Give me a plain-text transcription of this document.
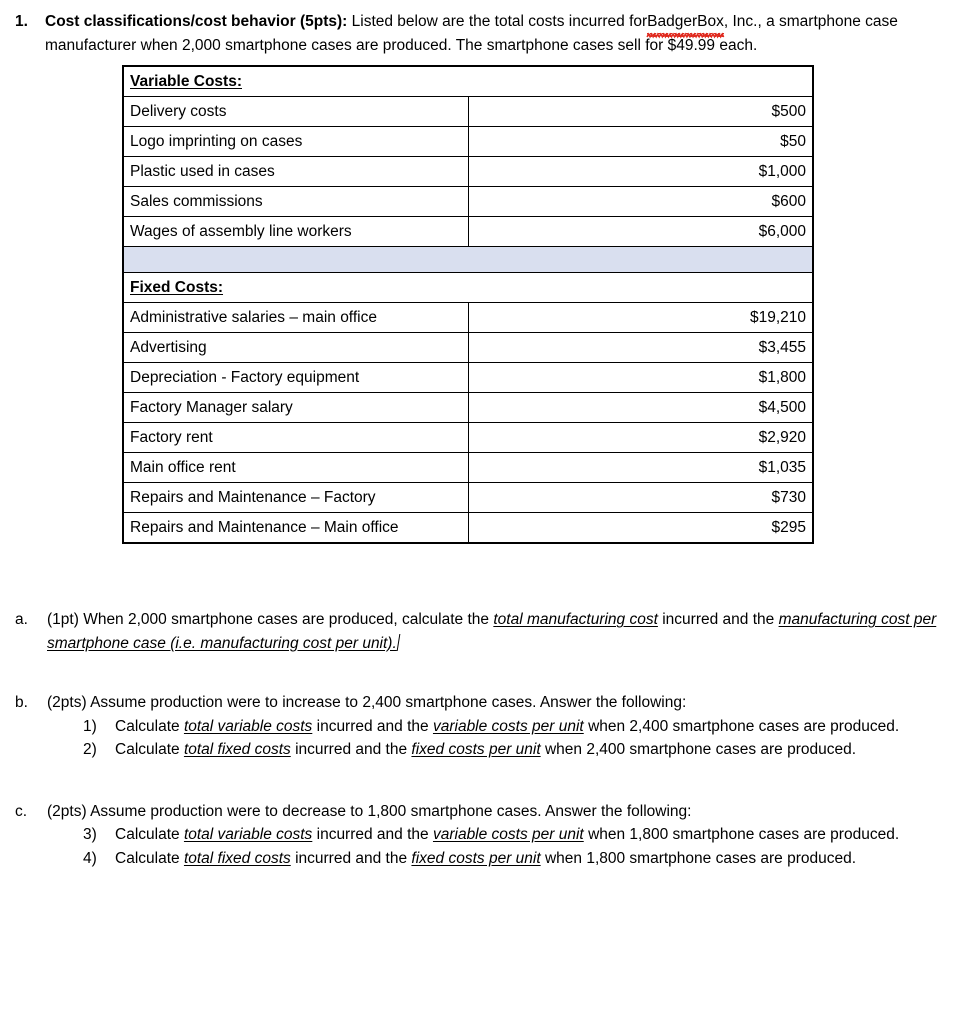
1. Cost classifications/cost behavior (5pts): Listed below are the total costs incurred forBadgerBox
, Inc., a smartphone case manufacturer when 2,000 smartphone cases are produced. The smartphone cases sell for $49.99 each.
Variable Costs:	
Delivery costs	$500
Logo imprinting on cases	$50
Plastic used in cases	$1,000
Sales commissions	$600
Wages of assembly line workers	$6,000

Fixed Costs:	
Administrative salaries – main office	$19,210
Advertising	$3,455
Depreciation - Factory equipment	$1,800
Factory Manager salary	$4,500
Factory rent	$2,920
Main office rent	$1,035
Repairs and Maintenance – Factory	$730
Repairs and Maintenance – Main office	$295
a. (1pt) When 2,000 smartphone cases are produced, calculate the total manufacturing cost incurred and the manufacturing cost per smartphone case (i.e. manufacturing cost per unit).
b. (2pts) Assume production were to increase to 2,400 smartphone cases. Answer the following:
1) Calculate total variable costs incurred and the variable costs per unit when 2,400 smartphone cases are produced.
2) Calculate total fixed costs incurred and the fixed costs per unit when 2,400 smartphone cases are produced.
c. (2pts) Assume production were to decrease to 1,800 smartphone cases. Answer the following:
3) Calculate total variable costs incurred and the variable costs per unit when 1,800 smartphone cases are produced.
4) Calculate total fixed costs incurred and the fixed costs per unit when 1,800 smartphone cases are produced.
